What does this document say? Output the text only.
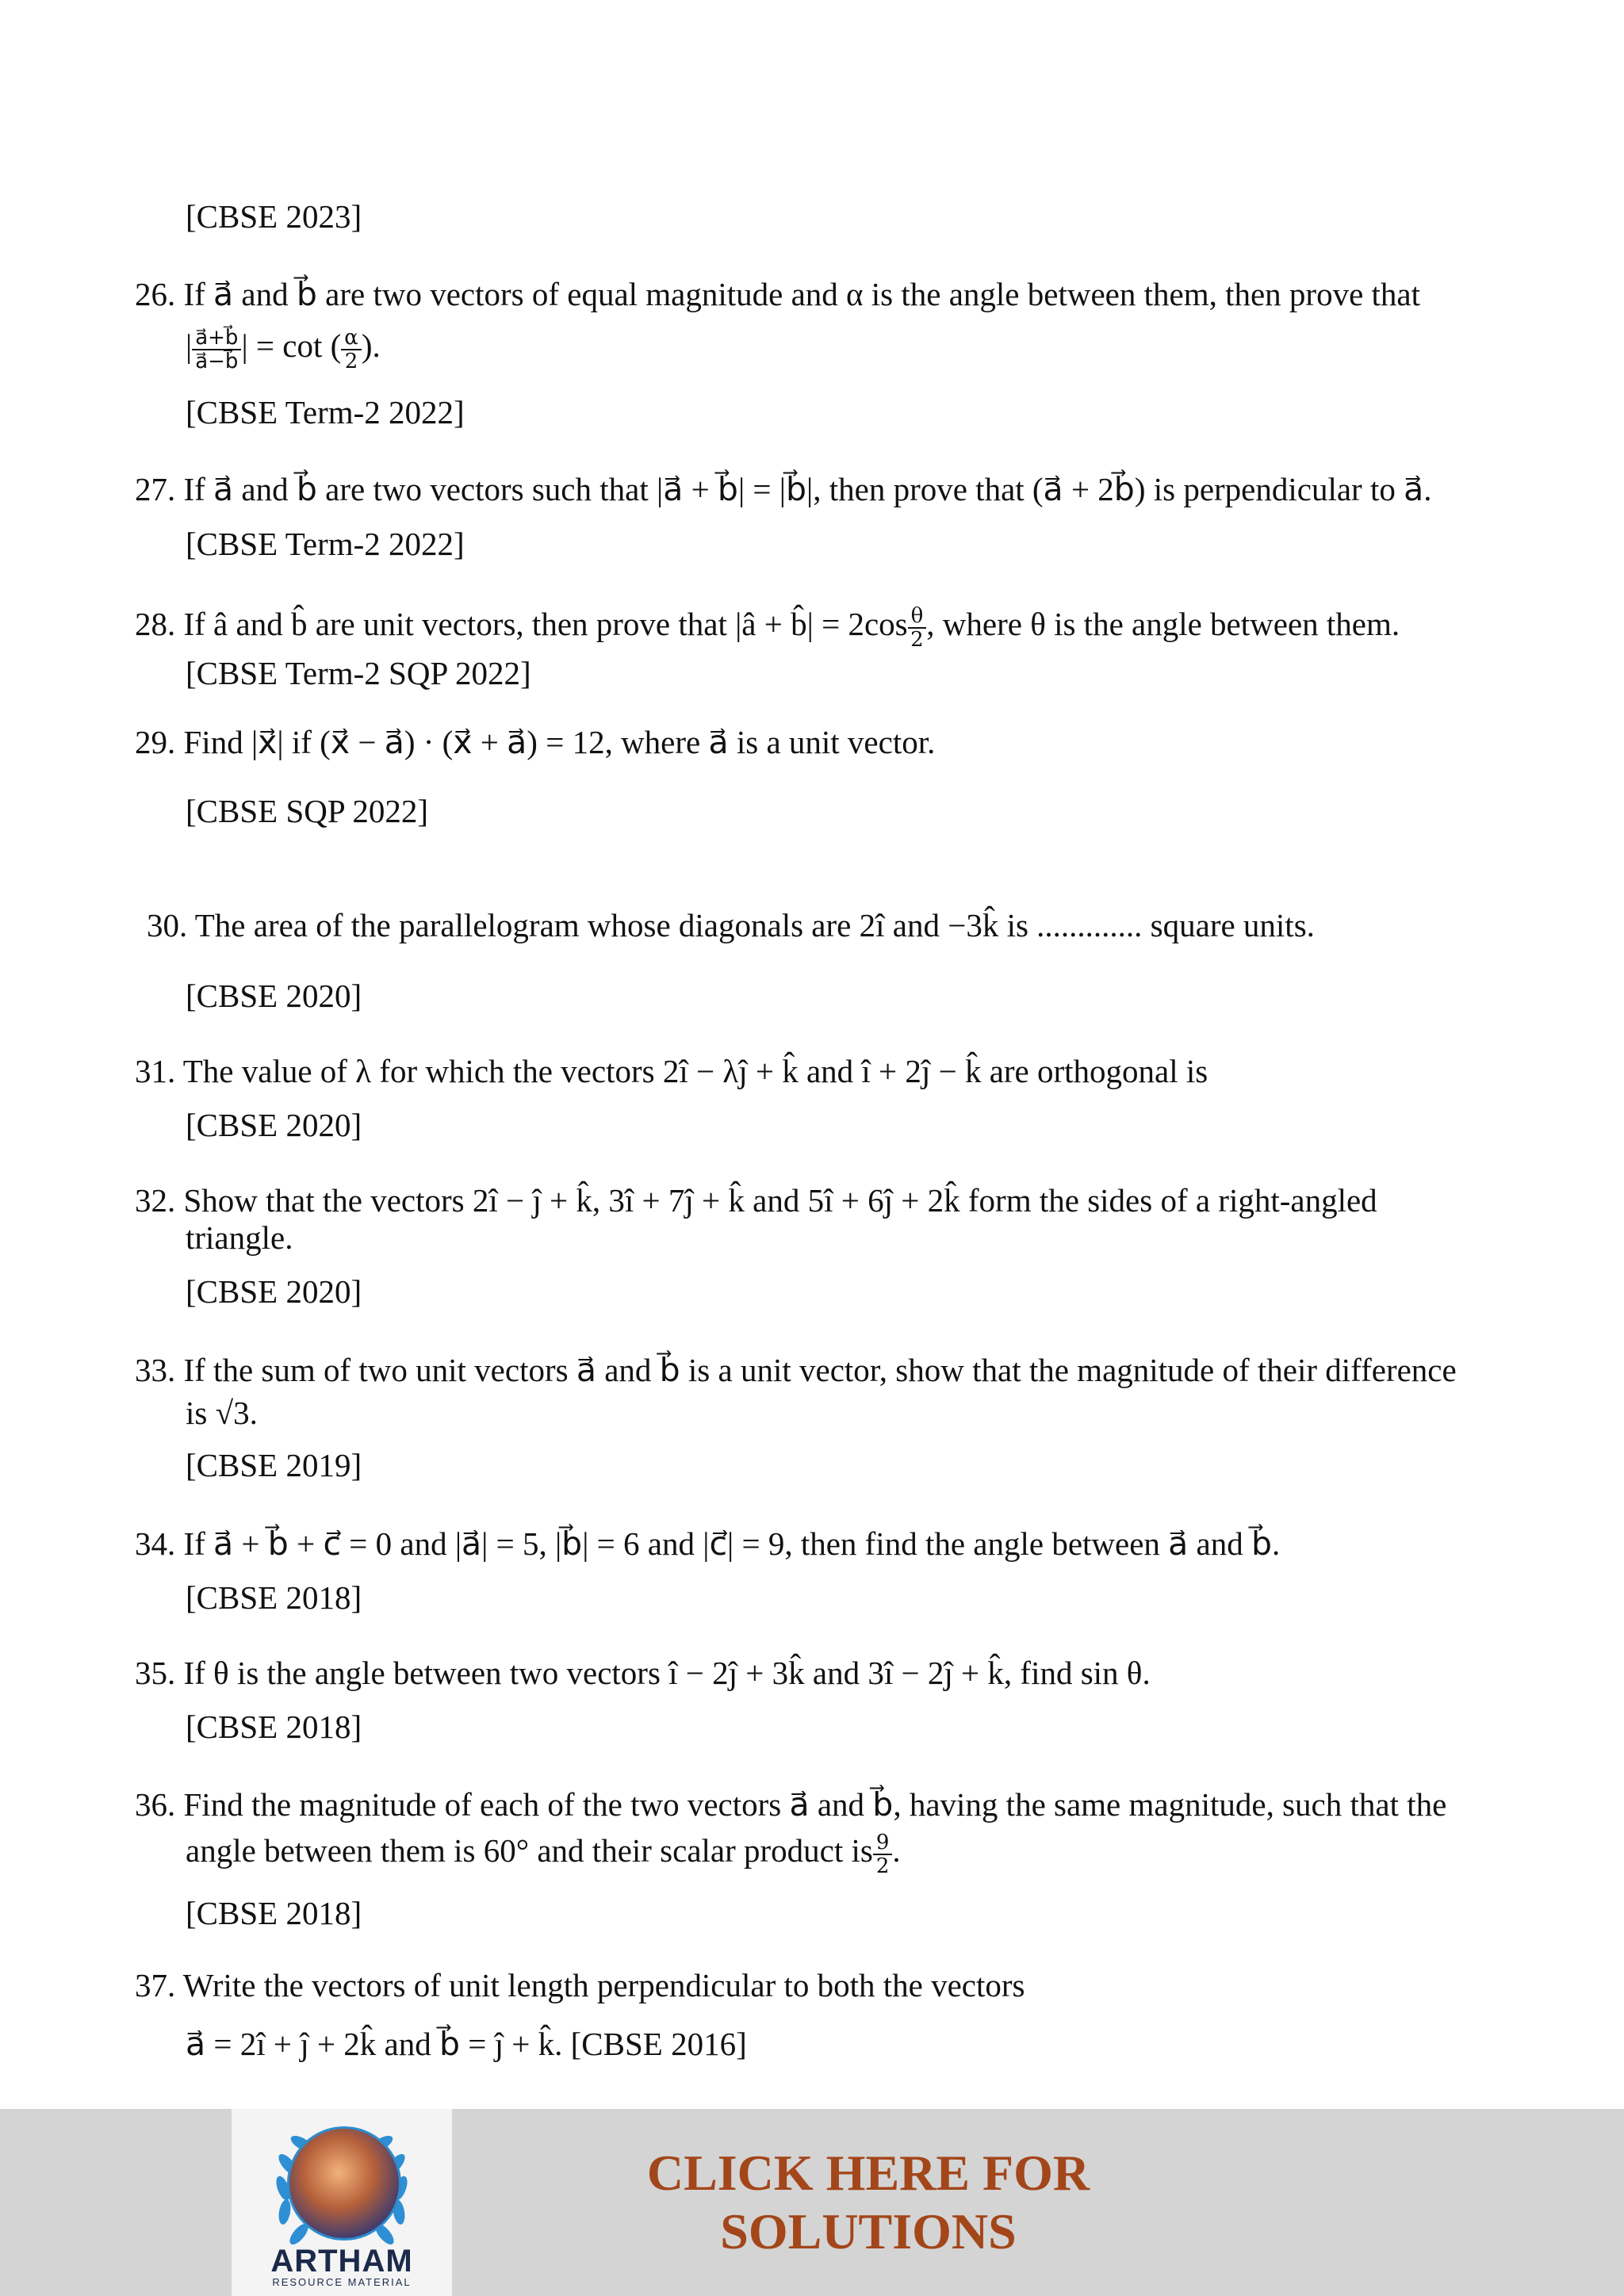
[CBSE 2023]
26. If a⃗ and b⃗ are two vectors of equal magnitude and α is the angle between them, then prove that
| $\frac{a⃗+b⃗}{a⃗-b⃗}$ | = cot ( $\frac{\alpha}{2}$ ).
[CBSE Term-2 2022]
27. If a⃗ and b⃗ are two vectors such that |a⃗ + b⃗| = |b⃗|, then prove that (a⃗ + 2b⃗) is perpendicular to a⃗.
[CBSE Term-2 2022]
28. If â and b̂ are unit vectors, then prove that |â + b̂| = $2\cos \frac{\theta}{2}$ , where θ is the angle between them.
[CBSE Term-2 SQP 2022]
29. Find |x⃗| if (x⃗ − a⃗) · (x⃗ + a⃗) = 12, where a⃗ is a unit vector.
[CBSE SQP 2022]
30. The area of the parallelogram whose diagonals are 2î and −3k̂ is ............. square units.
[CBSE 2020]
31. The value of λ for which the vectors 2î − λĵ + k̂ and î + 2ĵ − k̂ are orthogonal is
[CBSE 2020]
32. Show that the vectors 2î − ĵ + k̂, 3î + 7ĵ + k̂ and 5î + 6ĵ + 2k̂ form the sides of a right-angled
triangle.
[CBSE 2020]
33. If the sum of two unit vectors a⃗ and b⃗ is a unit vector, show that the magnitude of their difference
is √3.
[CBSE 2019]
34. If a⃗ + b⃗ + c⃗ = 0 and |a⃗| = 5, |b⃗| = 6 and |c⃗| = 9, then find the angle between a⃗ and b⃗.
[CBSE 2018]
35. If θ is the angle between two vectors î − 2ĵ + 3k̂ and 3î − 2ĵ + k̂, find sin θ.
[CBSE 2018]
36. Find the magnitude of each of the two vectors a⃗ and b⃗, having the same magnitude, such that the
angle between them is 60° and their scalar product is $\frac{9}{2}$ .
[CBSE 2018]
37. Write the vectors of unit length perpendicular to both the vectors
a⃗ = 2î + ĵ + 2k̂ and b⃗ = ĵ + k̂. [CBSE 2016]
ARTHAM
RESOURCE MATERIAL
CLICK HERE FOR
SOLUTIONS
